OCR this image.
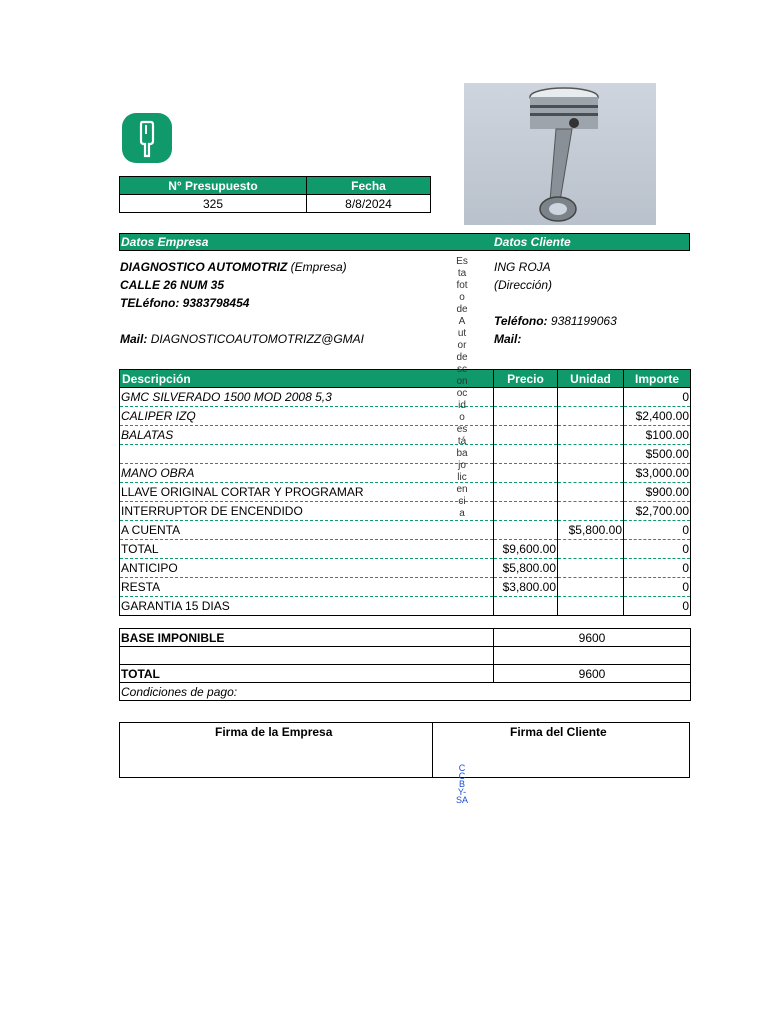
N° Presupuesto	Fecha
325	8/8/2024
Datos Empresa	Datos Cliente
DIAGNOSTICO AUTOMOTRIZ (Empresa)
CALLE 26 NUM 35
TELéfono: 9383798454
Mail: DIAGNOSTICOAUTOMOTRIZZ@GMAI
ING ROJA
(Dirección)
Teléfono: 9381199063
Mail:
Descripción	Precio	Unidad	Importe
GMC SILVERADO 1500 MOD 2008 5,3			0
CALIPER IZQ			$2,400.00
BALATAS			$100.00
			$500.00
MANO OBRA			$3,000.00
LLAVE ORIGINAL CORTAR Y PROGRAMAR			$900.00
INTERRUPTOR DE ENCENDIDO			$2,700.00
A CUENTA		$5,800.00	0
TOTAL	$9,600.00		0
ANTICIPO	$5,800.00		0
RESTA	$3,800.00		0
GARANTIA 15 DIAS			0
BASE IMPONIBLE	9600

TOTAL	9600
Condiciones de pago:	
Firma de la Empresa	Firma del Cliente
Esta foto de Autor desconocido está bajo licencia
CC BY-SA
